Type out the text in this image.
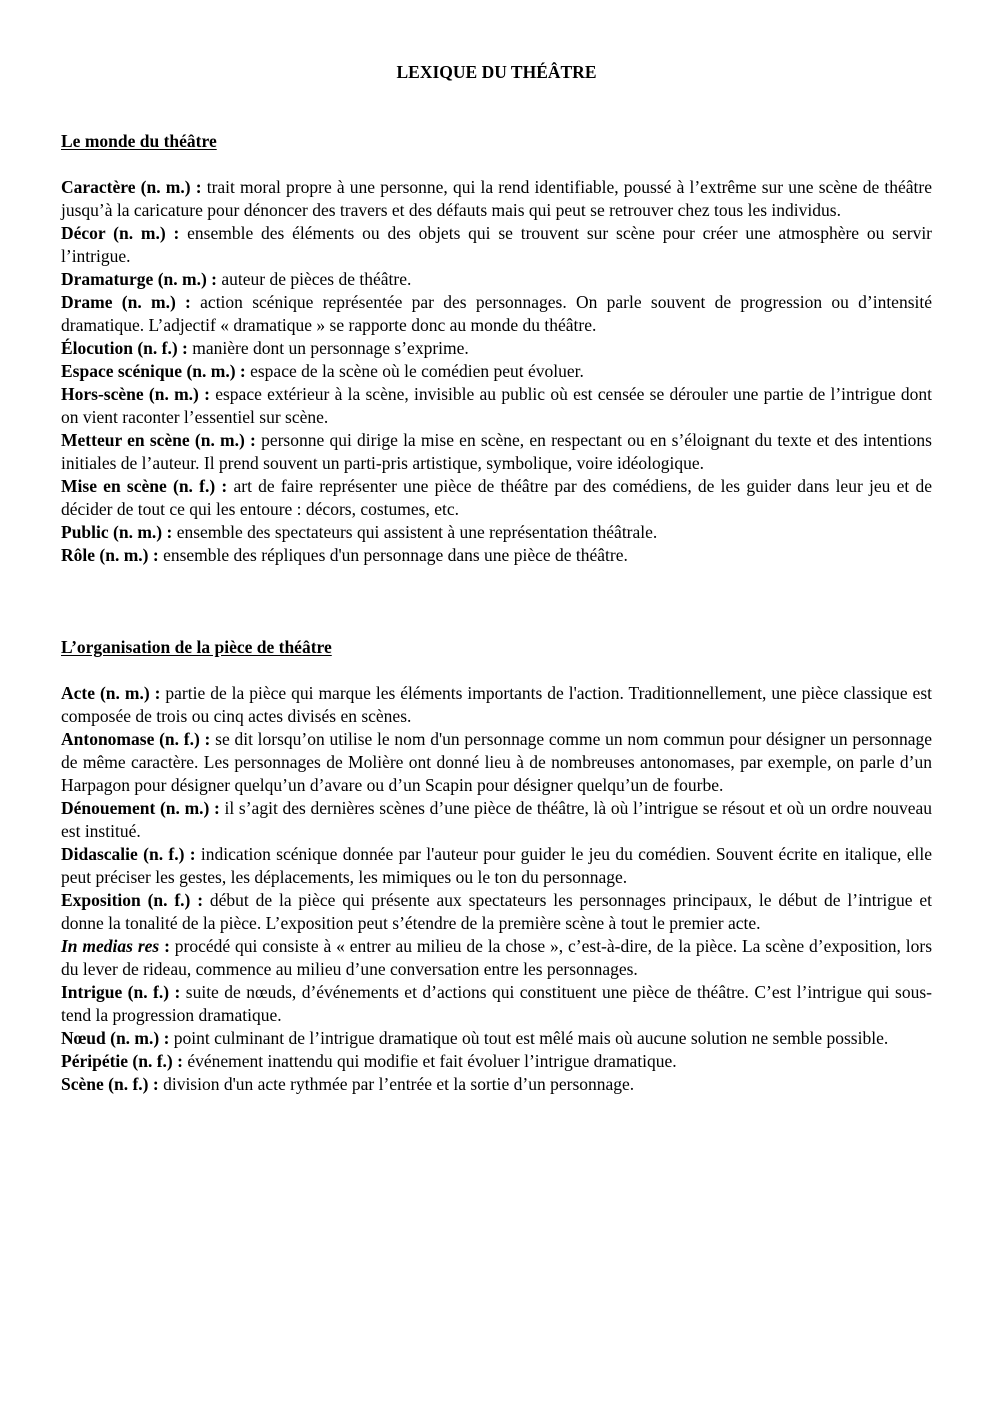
LEXIQUE DU THÉÂTRE
Le monde du théâtre

Caractère (n. m.) : trait moral propre à une personne, qui la rend identifiable, poussé à l’extrême sur une scène de théâtre jusqu’à la caricature pour dénoncer des travers et des défauts mais qui peut se retrouver chez tous les individus.

Décor (n. m.) : ensemble des éléments ou des objets qui se trouvent sur scène pour créer une atmosphère ou servir l’intrigue.

Dramaturge (n. m.) : auteur de pièces de théâtre.

Drame (n. m.) : action scénique représentée par des personnages. On parle souvent de progression ou d’intensité dramatique. L’adjectif « dramatique » se rapporte donc au monde du théâtre.

Élocution (n. f.) : manière dont un personnage s’exprime.

Espace scénique (n. m.) : espace de la scène où le comédien peut évoluer.

Hors-scène (n. m.) : espace extérieur à la scène, invisible au public où est censée se dérouler une partie de l’intrigue dont on vient raconter l’essentiel sur scène.

Metteur en scène (n. m.) : personne qui dirige la mise en scène, en respectant ou en s’éloignant du texte et des intentions initiales de l’auteur. Il prend souvent un parti-pris artistique, symbolique, voire idéologique.

Mise en scène (n. f.) : art de faire représenter une pièce de théâtre par des comédiens, de les guider dans leur jeu et de décider de tout ce qui les entoure : décors, costumes, etc.

Public (n. m.) : ensemble des spectateurs qui assistent à une représentation théâtrale.

Rôle (n. m.) : ensemble des répliques d'un personnage dans une pièce de théâtre.

L’organisation de la pièce de théâtre

Acte (n. m.) : partie de la pièce qui marque les éléments importants de l'action. Traditionnellement, une pièce classique est composée de trois ou cinq actes divisés en scènes.

Antonomase (n. f.) : se dit lorsqu’on utilise le nom d'un personnage comme un nom commun pour désigner un personnage de même caractère. Les personnages de Molière ont donné lieu à de nombreuses antonomases, par exemple, on parle d’un Harpagon pour désigner quelqu’un d’avare ou d’un Scapin pour désigner quelqu’un de fourbe.

Dénouement (n. m.) : il s’agit des dernières scènes d’une pièce de théâtre, là où l’intrigue se résout et où un ordre nouveau est institué.

Didascalie (n. f.) : indication scénique donnée par l'auteur pour guider le jeu du comédien. Souvent écrite en italique, elle peut préciser les gestes, les déplacements, les mimiques ou le ton du personnage.

Exposition (n. f.) : début de la pièce qui présente aux spectateurs les personnages principaux, le début de l’intrigue et donne la tonalité de la pièce. L’exposition peut s’étendre de la première scène à tout le premier acte.

In medias res : procédé qui consiste à « entrer au milieu de la chose », c’est-à-dire, de la pièce. La scène d’exposition, lors du lever de rideau, commence au milieu d’une conversation entre les personnages.

Intrigue (n. f.) : suite de nœuds, d’événements et d’actions qui constituent une pièce de théâtre. C’est l’intrigue qui sous-tend la progression dramatique.

Nœud (n. m.) : point culminant de l’intrigue dramatique où tout est mêlé mais où aucune solution ne semble possible.

Péripétie (n. f.) : événement inattendu qui modifie et fait évoluer l’intrigue dramatique.

Scène (n. f.) : division d'un acte rythmée par l’entrée et la sortie d’un personnage.
